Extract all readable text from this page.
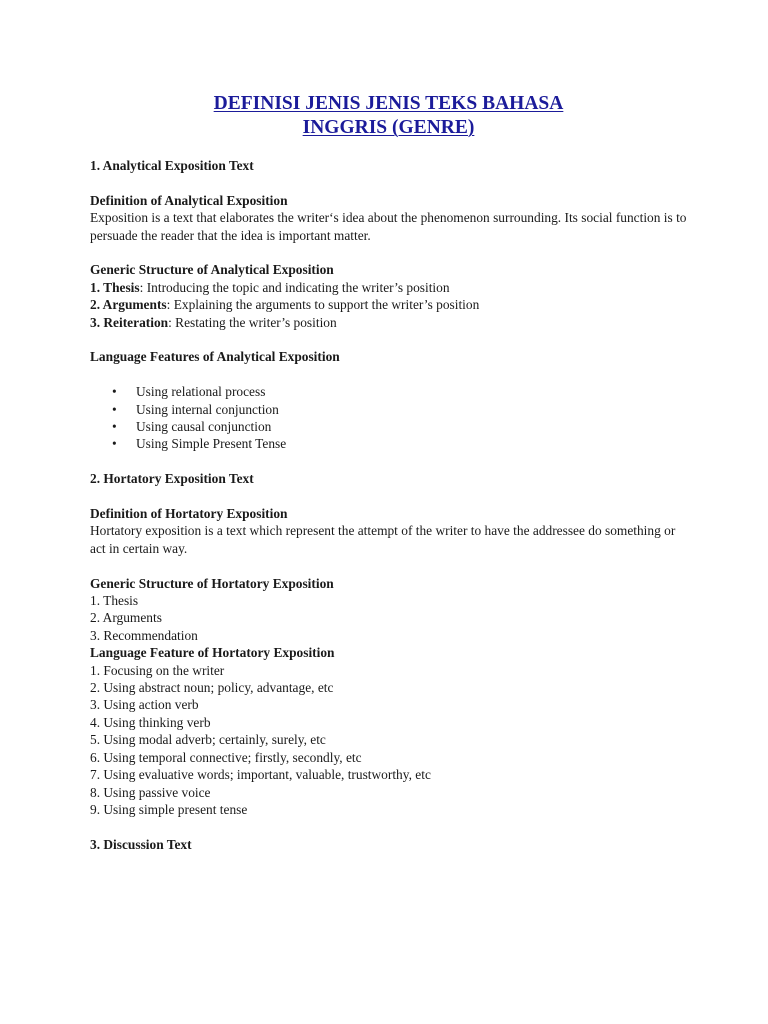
DEFINISI JENIS JENIS TEKS BAHASA
INGGRIS (GENRE)

1. Analytical Exposition Text

Definition of Analytical Exposition

Exposition is a text that elaborates the writer‘s idea about the phenomenon surrounding. Its social function is to persuade the reader that the idea is important matter.

Generic Structure of Analytical Exposition

1. Thesis: Introducing the topic and indicating the writer’s position

2. Arguments: Explaining the arguments to support the writer’s position

3. Reiteration: Restating the writer’s position

Language Features of Analytical Exposition

• Using relational process
• Using internal conjunction
• Using causal conjunction
• Using Simple Present Tense

2. Hortatory Exposition Text

Definition of Hortatory Exposition

Hortatory exposition is a text which represent the attempt of the writer to have the addressee do something or act in certain way.

Generic Structure of Hortatory Exposition

1. Thesis

2. Arguments

3. Recommendation

Language Feature of Hortatory Exposition

1. Focusing on the writer

2. Using abstract noun; policy, advantage, etc

3. Using action verb

4. Using thinking verb

5. Using modal adverb; certainly, surely, etc

6. Using temporal connective; firstly, secondly, etc

7. Using evaluative words; important, valuable, trustworthy, etc

8. Using passive voice

9. Using simple present tense

3. Discussion Text
